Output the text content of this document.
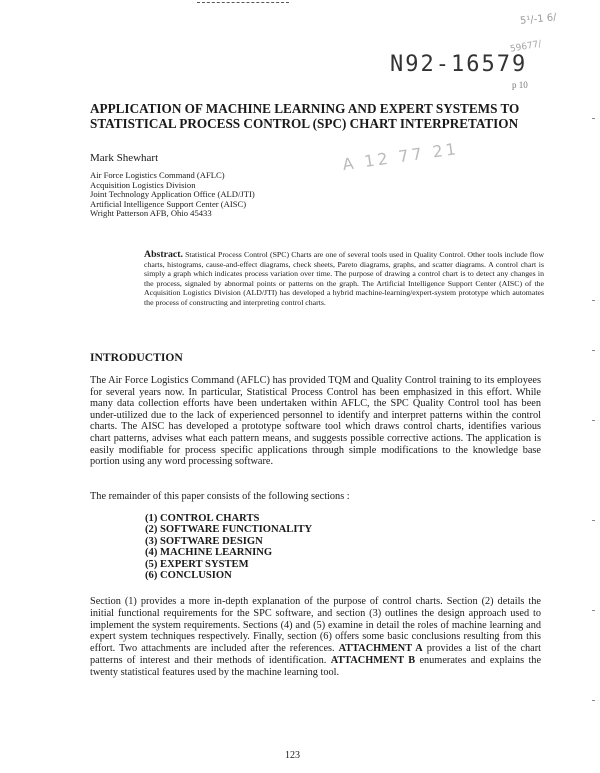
5¹/-1 6/
59677/
N92-16579
p 10
APPLICATION OF MACHINE LEARNING AND EXPERT SYSTEMS TO
STATISTICAL PROCESS CONTROL (SPC) CHART INTERPRETATION
Mark Shewhart	A 12 77 21
Air Force Logistics Command (AFLC)
Acquisition Logistics Division
Joint Technology Application Office (ALD/JTI)
Artificial Intelligence Support Center (AISC)
Wright Patterson AFB, Ohio 45433
Abstract. Statistical Process Control (SPC) Charts are one of several tools used in Quality Control. Other tools include flow charts, histograms, cause-and-effect diagrams, check sheets, Pareto diagrams, graphs, and scatter diagrams. A control chart is simply a graph which indicates process variation over time. The purpose of drawing a control chart is to detect any changes in the process, signaled by abnormal points or patterns on the graph. The Artificial Intelligence Support Center (AISC) of the Acquisition Logistics Division (ALD/JTI) has developed a hybrid machine-learning/expert-system prototype which automates the process of constructing and interpreting control charts.
INTRODUCTION
The Air Force Logistics Command (AFLC) has provided TQM and Quality Control training to its employees for several years now. In particular, Statistical Process Control has been emphasized in this effort. While many data collection efforts have been undertaken within AFLC, the SPC Quality Control tool has been under-utilized due to the lack of experienced personnel to identify and interpret patterns within the control charts. The AISC has developed a prototype software tool which draws control charts, identifies various chart patterns, advises what each pattern means, and suggests possible corrective actions. The application is easily modifiable for process specific applications through simple modifications to the knowledge base portion using any word processing software.
The remainder of this paper consists of the following sections :
(1) CONTROL CHARTS
(2) SOFTWARE FUNCTIONALITY
(3) SOFTWARE DESIGN
(4) MACHINE LEARNING
(5) EXPERT SYSTEM
(6) CONCLUSION
Section (1) provides a more in-depth explanation of the purpose of control charts. Section (2) details the initial functional requirements for the SPC software, and section (3) outlines the design approach used to implement the system requirements. Sections (4) and (5) examine in detail the roles of machine learning and expert system techniques respectively. Finally, section (6) offers some basic conclusions resulting from this effort. Two attachments are included after the references. ATTACHMENT A provides a list of the chart patterns of interest and their methods of identification. ATTACHMENT B enumerates and explains the twenty statistical features used by the machine learning tool.
123
